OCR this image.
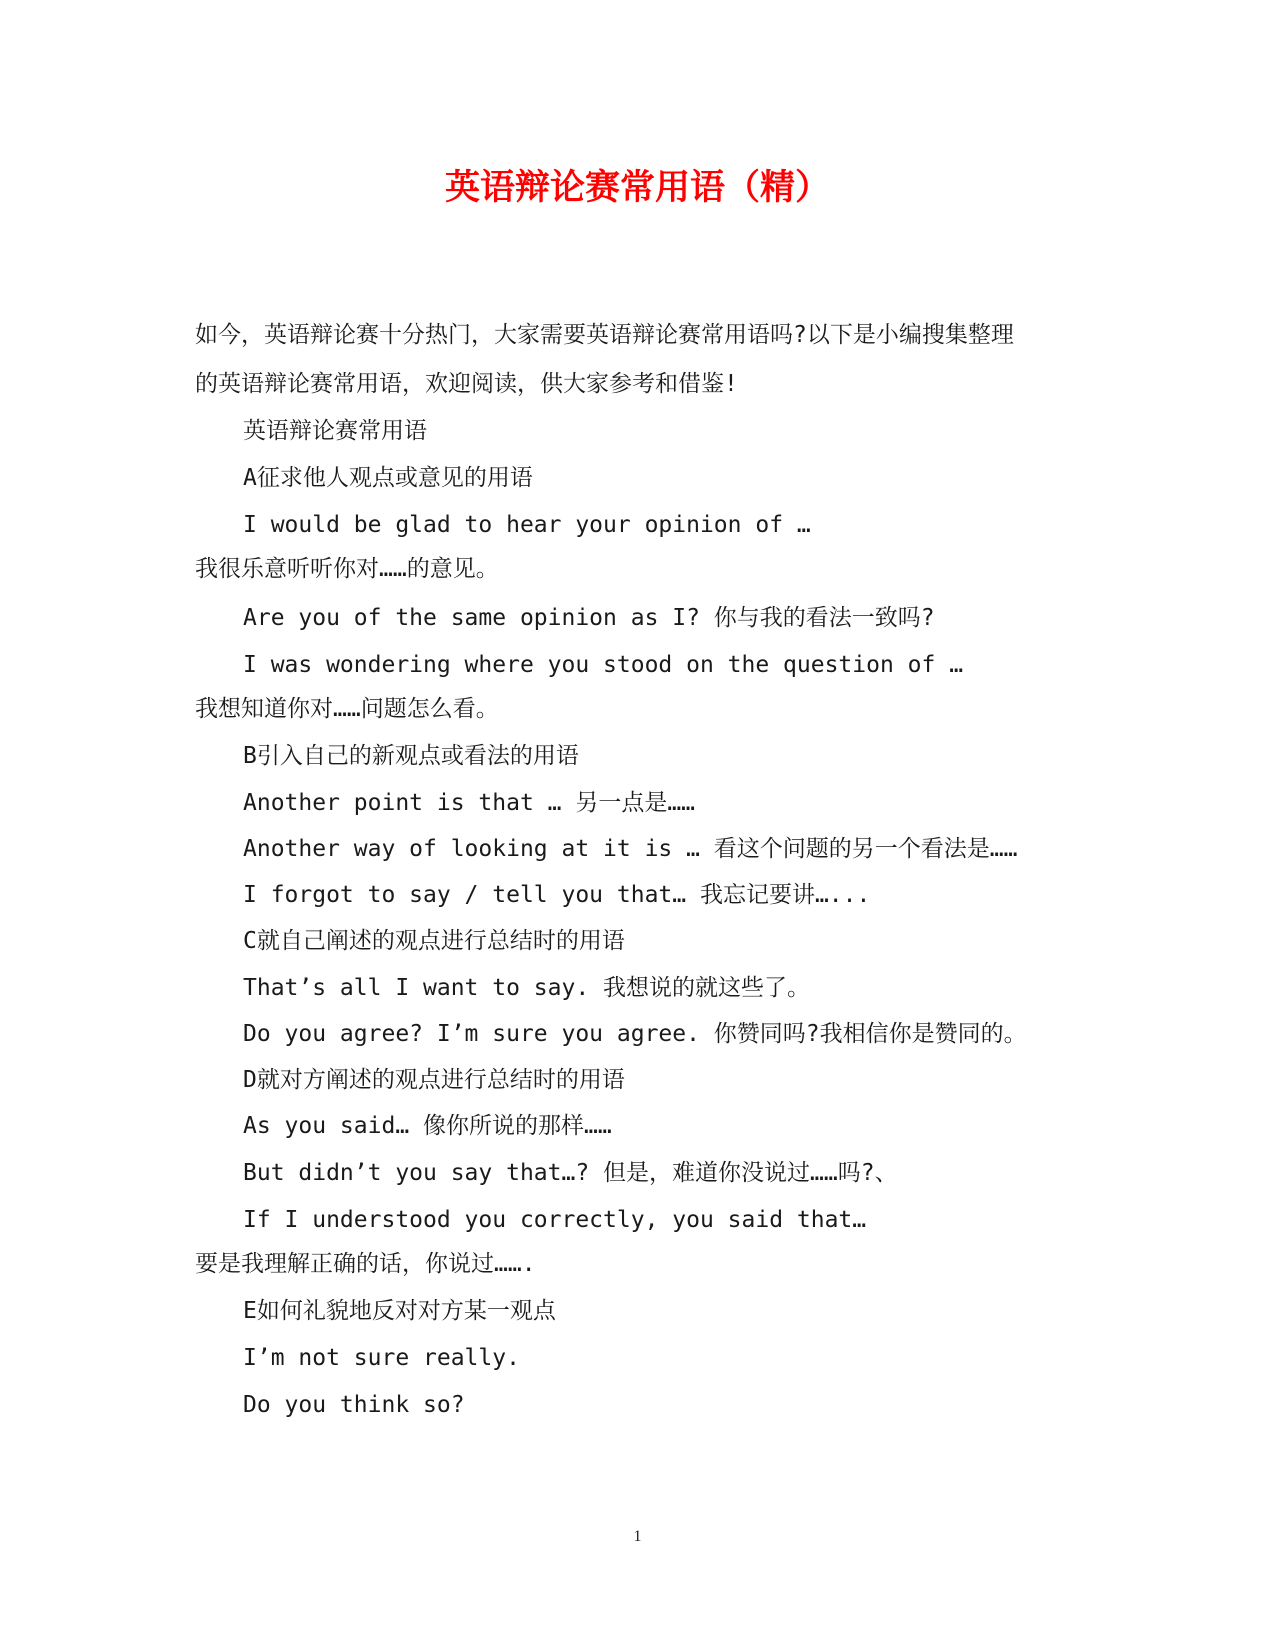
英语辩论赛常用语（精）
如今，英语辩论赛十分热门，大家需要英语辩论赛常用语吗?以下是小编搜集整理
的英语辩论赛常用语，欢迎阅读，供大家参考和借鉴!
英语辩论赛常用语
A征求他人观点或意见的用语
I would be glad to hear your opinion of …
我很乐意听听你对……的意见。
Are you of the same opinion as I? 你与我的看法一致吗?
I was wondering where you stood on the question of …
我想知道你对……问题怎么看。
B引入自己的新观点或看法的用语
Another point is that … 另一点是……
Another way of looking at it is … 看这个问题的另一个看法是……
I forgot to say / tell you that… 我忘记要讲…...
C就自己阐述的观点进行总结时的用语
That’s all I want to say. 我想说的就这些了。
Do you agree? I’m sure you agree. 你赞同吗?我相信你是赞同的。
D就对方阐述的观点进行总结时的用语
As you said… 像你所说的那样……
But didn’t you say that…? 但是，难道你没说过……吗?、
If I understood you correctly, you said that…
要是我理解正确的话，你说过…….
E如何礼貌地反对对方某一观点
I’m not sure really.
Do you think so?
1
